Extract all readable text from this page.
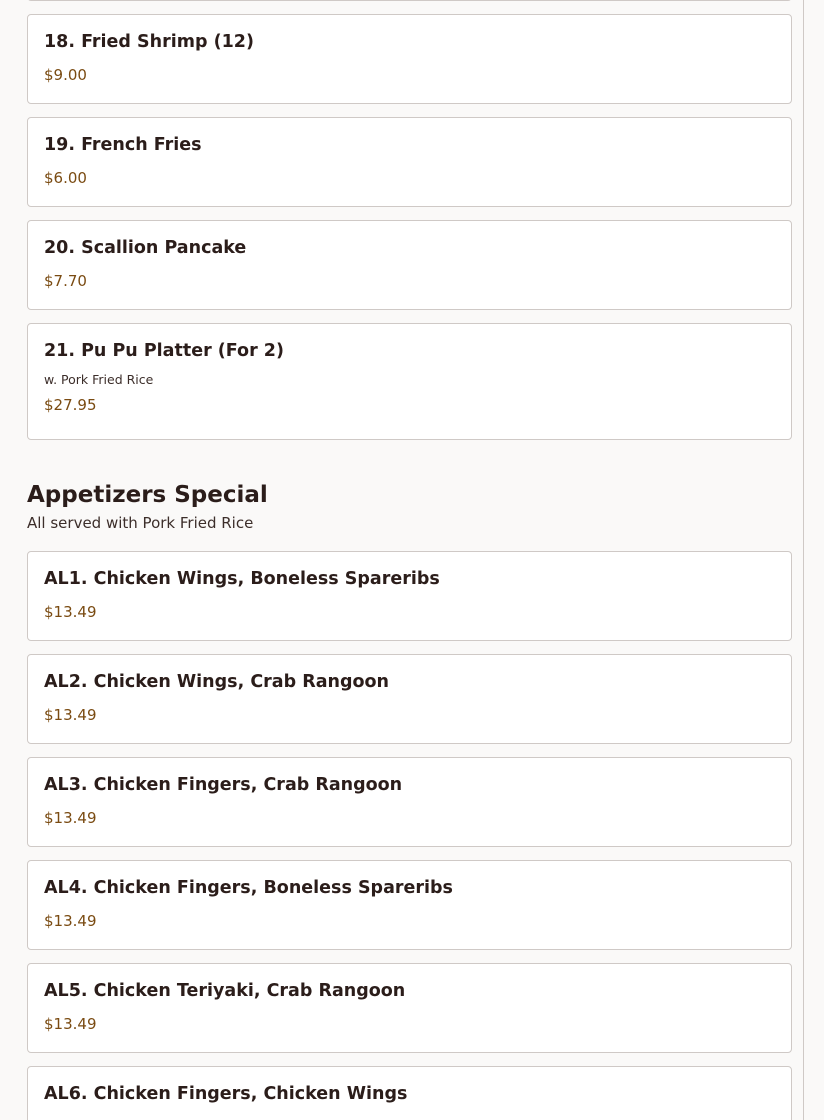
18. Fried Shrimp (12)
$9.00
19. French Fries
$6.00
20. Scallion Pancake
$7.70
21. Pu Pu Platter (For 2)
w. Pork Fried Rice
$27.95
Appetizers Special
All served with Pork Fried Rice
AL1. Chicken Wings, Boneless Spareribs
$13.49
AL2. Chicken Wings, Crab Rangoon
$13.49
AL3. Chicken Fingers, Crab Rangoon
$13.49
AL4. Chicken Fingers, Boneless Spareribs
$13.49
AL5. Chicken Teriyaki, Crab Rangoon
$13.49
AL6. Chicken Fingers, Chicken Wings
